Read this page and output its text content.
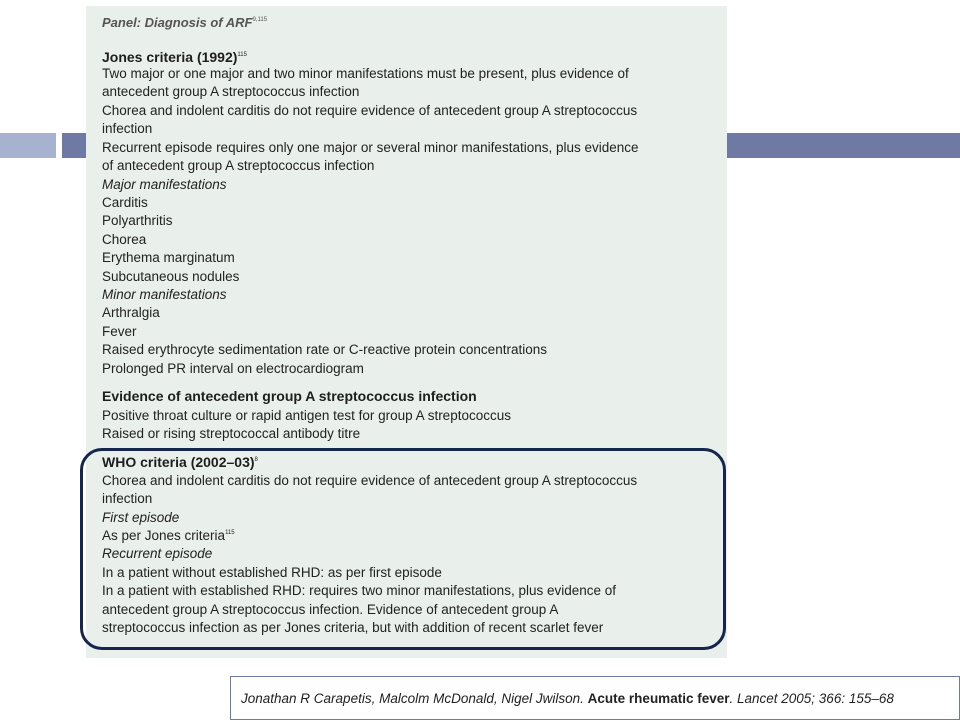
Panel: Diagnosis of ARF$^{9,115}$
Jones criteria $(1992)^{115}$
Two major or one major and two minor manifestations must be present, plus evidence of
antecedent group A streptococcus infection
Chorea and indolent carditis do not require evidence of antecedent group A streptococcus
infection
Recurrent episode requires only one major or several minor manifestations, plus evidence
of antecedent group A streptococcus infection
Major manifestations
Carditis
Polyarthritis
Chorea
Erythema marginatum
Subcutaneous nodules
Minor manifestations
Arthralgia
Fever
Raised erythrocyte sedimentation rate or C-reactive protein concentrations
Prolonged PR interval on electrocardiogram
Evidence of antecedent group A streptococcus infection
Positive throat culture or rapid antigen test for group A streptococcus
Raised or rising streptococcal antibody titre
WHO criteria (2002–03)$^8$
Chorea and indolent carditis do not require evidence of antecedent group A streptococcus
infection
First episode
As per Jones criteria$^{115}$
Recurrent episode
In a patient without established RHD: as per first episode
In a patient with established RHD: requires two minor manifestations, plus evidence of
antecedent group A streptococcus infection. Evidence of antecedent group A
streptococcus infection as per Jones criteria, but with addition of recent scarlet fever
Jonathan R Carapetis, Malcolm McDonald, Nigel Jwilson.
Acute rheumatic fever . Lancet 2005; 366: 155–68
